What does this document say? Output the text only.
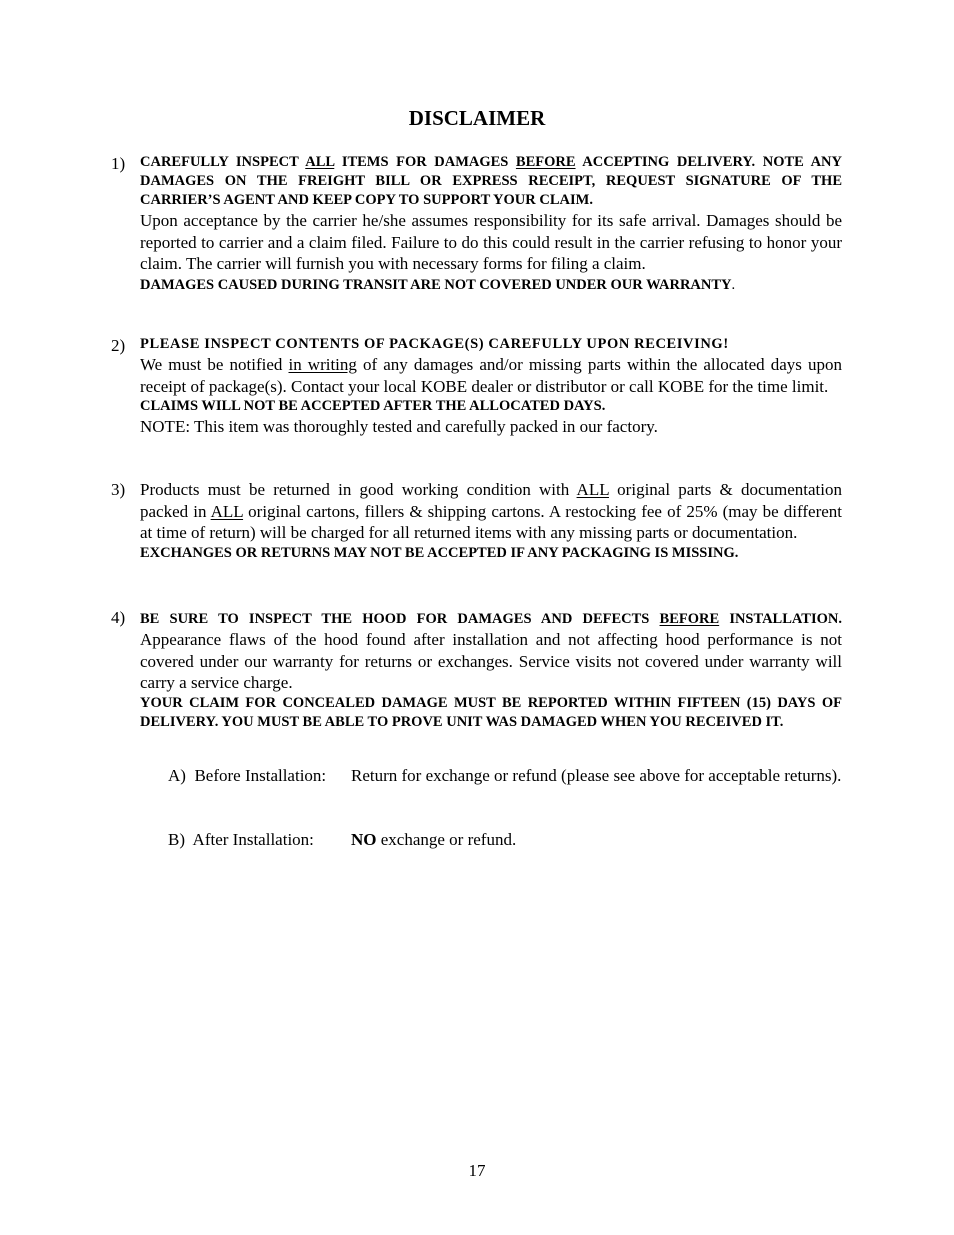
DISCLAIMER
1) CAREFULLY INSPECT ALL ITEMS FOR DAMAGES BEFORE ACCEPTING DELIVERY. NOTE ANY DAMAGES ON THE FREIGHT BILL OR EXPRESS RECEIPT, REQUEST SIGNATURE OF THE CARRIER’S AGENT AND KEEP COPY TO SUPPORT YOUR CLAIM.
Upon acceptance by the carrier he/she assumes responsibility for its safe arrival. Damages should be reported to carrier and a claim filed. Failure to do this could result in the carrier refusing to honor your claim. The carrier will furnish you with necessary forms for filing a claim.
DAMAGES CAUSED DURING TRANSIT ARE NOT COVERED UNDER OUR WARRANTY.
2) PLEASE INSPECT CONTENTS OF PACKAGE(S) CAREFULLY UPON RECEIVING!
We must be notified in writing of any damages and/or missing parts within the allocated days upon receipt of package(s). Contact your local KOBE dealer or distributor or call KOBE for the time limit.
CLAIMS WILL NOT BE ACCEPTED AFTER THE ALLOCATED DAYS.
NOTE: This item was thoroughly tested and carefully packed in our factory.
3) Products must be returned in good working condition with ALL original parts & documentation packed in ALL original cartons, fillers & shipping cartons. A restocking fee of 25% (may be different at time of return) will be charged for all returned items with any missing parts or documentation.
EXCHANGES OR RETURNS MAY NOT BE ACCEPTED IF ANY PACKAGING IS MISSING.
4) BE SURE TO INSPECT THE HOOD FOR DAMAGES AND DEFECTS BEFORE INSTALLATION. Appearance flaws of the hood found after installation and not affecting hood performance is not covered under our warranty for returns or exchanges. Service visits not covered under warranty will carry a service charge.
YOUR CLAIM FOR CONCEALED DAMAGE MUST BE REPORTED WITHIN FIFTEEN (15) DAYS OF DELIVERY. YOU MUST BE ABLE TO PROVE UNIT WAS DAMAGED WHEN YOU RECEIVED IT.
A)  Before Installation: Return for exchange or refund (please see above for acceptable returns).
B)  After Installation: NO exchange or refund.
17
